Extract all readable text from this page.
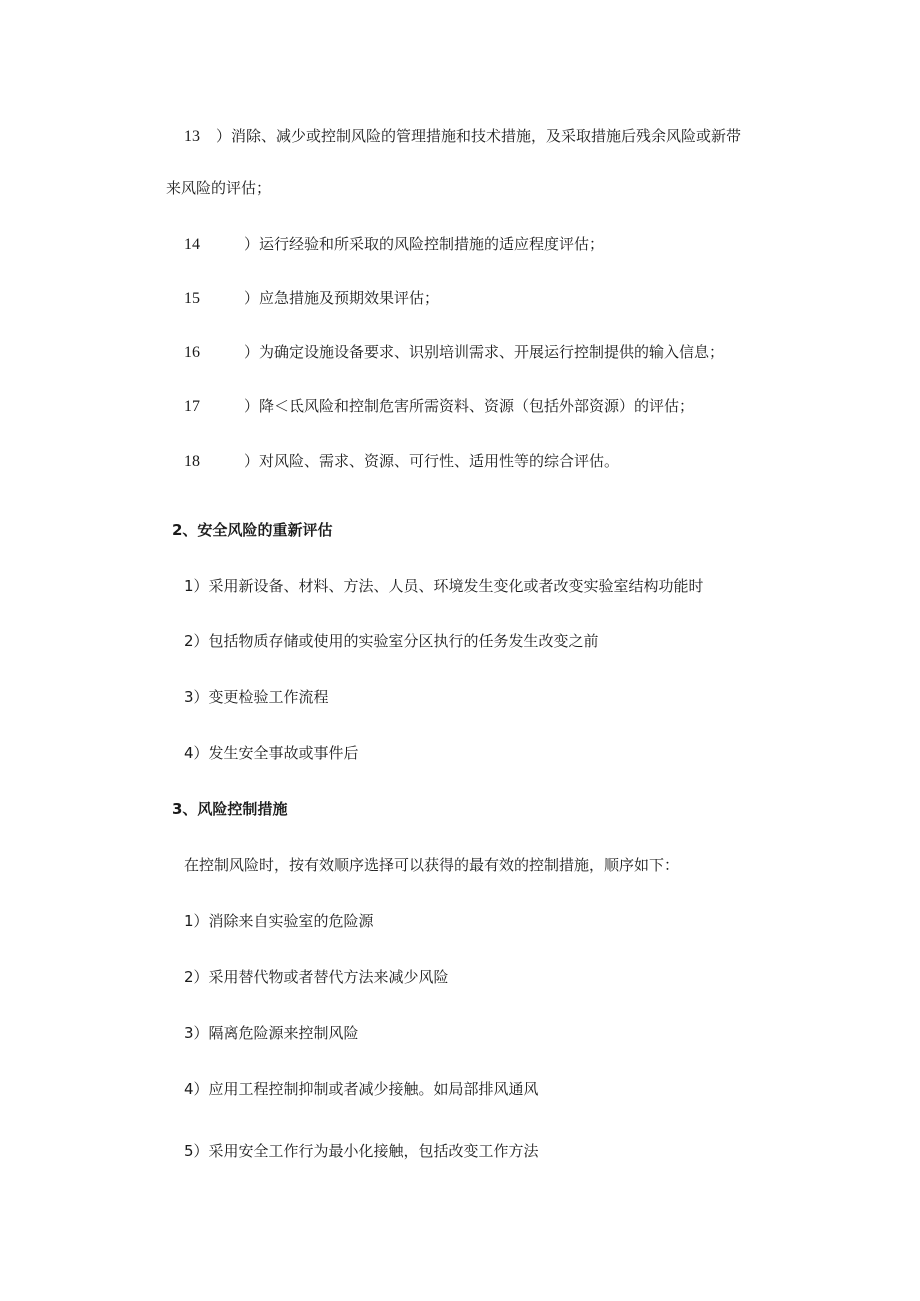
13 ）消除、减少或控制风险的管理措施和技术措施，及采取措施后残余风险或新带
来风险的评估；
14	）运行经验和所采取的风险控制措施的适应程度评估；
15	）应急措施及预期效果评估；
16	）为确定设施设备要求、识别培训需求、开展运行控制提供的输入信息；
17	）降＜氐风险和控制危害所需资料、资源（包括外部资源）的评估；
18	）对风险、需求、资源、可行性、适用性等的综合评估。
2、安全风险的重新评估
1）采用新设备、材料、方法、人员、环境发生变化或者改变实验室结构功能时
2）包括物质存储或使用的实验室分区执行的任务发生改变之前
3）变更检验工作流程
4）发生安全事故或事件后
3、风险控制措施
在控制风险时，按有效顺序选择可以获得的最有效的控制措施，顺序如下：
1）消除来自实验室的危险源
2）采用替代物或者替代方法来减少风险
3）隔离危险源来控制风险
4）应用工程控制抑制或者减少接触。如局部排风通风
5）采用安全工作行为最小化接触，包括改变工作方法
